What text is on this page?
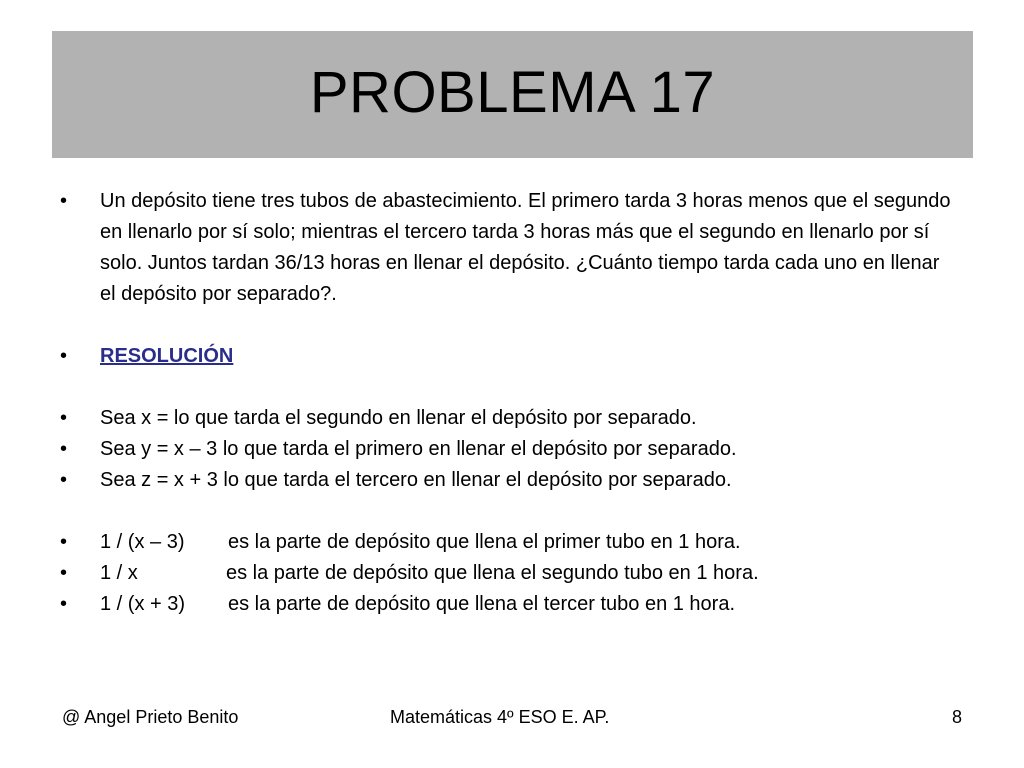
PROBLEMA 17
•	Un depósito tiene tres tubos de abastecimiento. El primero tarda 3 horas menos que el segundo en llenarlo por sí solo; mientras el tercero tarda 3 horas más que el segundo en llenarlo por sí solo. Juntos tardan 36/13 horas en llenar el depósito. ¿Cuánto tiempo tarda cada uno en llenar el depósito por separado?.
•	RESOLUCIÓN
•	Sea x = lo que tarda el segundo en llenar el depósito por separado.
•	Sea y = x – 3 lo que tarda el primero en llenar el depósito por separado.
•	Sea z = x + 3 lo que tarda el tercero en llenar el depósito por separado.
•	1 / (x – 3) es la parte de depósito que llena el primer tubo en 1 hora.
•	1 / x	es la parte de depósito que llena el segundo tubo en 1 hora.
•	1 / (x + 3) es la parte de depósito que llena el tercer tubo en 1 hora.
@ Angel Prieto Benito	Matemáticas 4º ESO E. AP.	8
